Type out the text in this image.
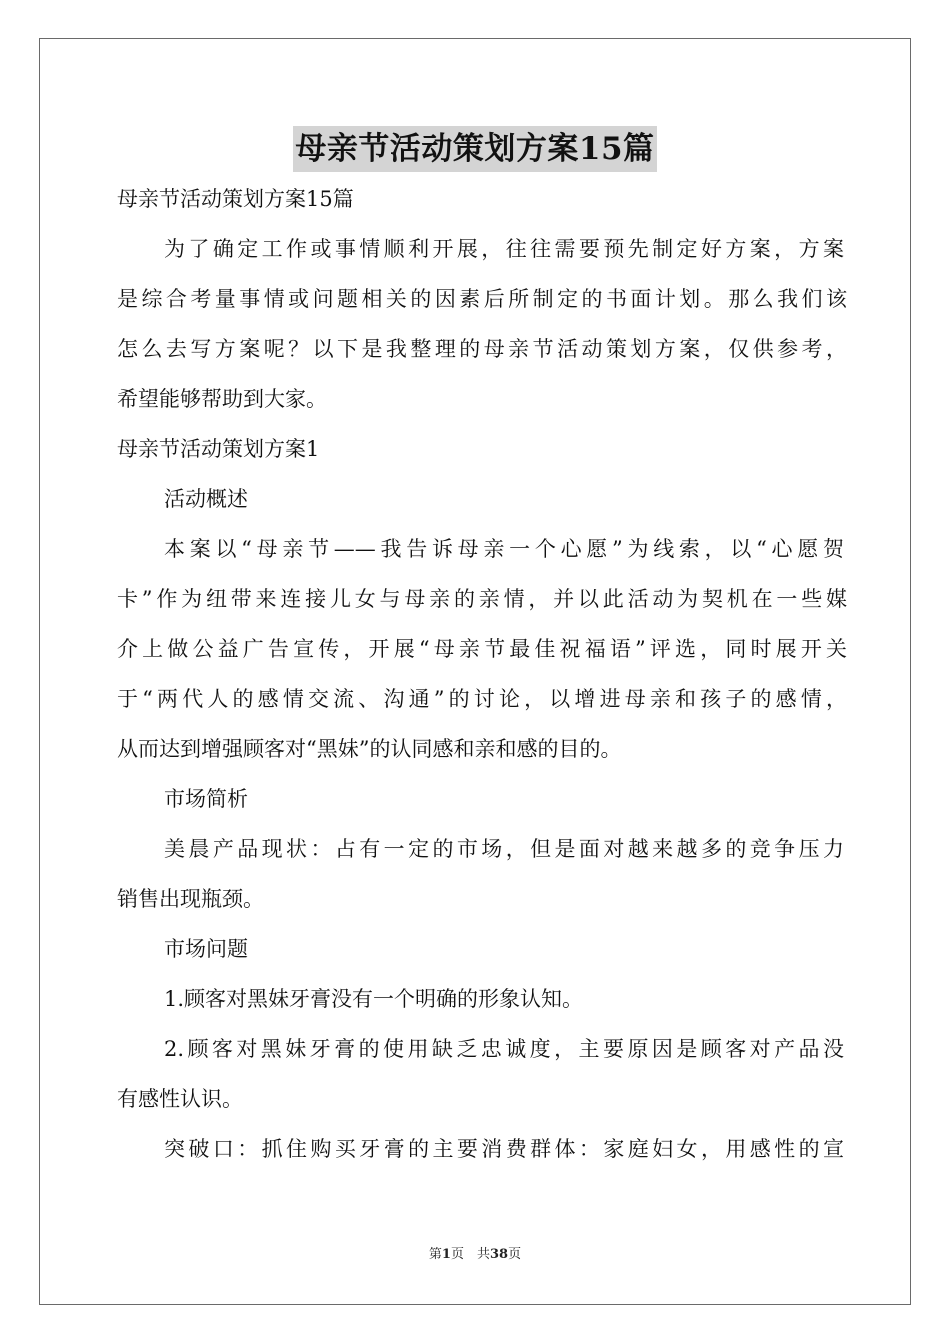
母亲节活动策划方案15篇
母亲节活动策划方案15篇
为了确定工作或事情顺利开展，往往需要预先制定好方案，方案
是综合考量事情或问题相关的因素后所制定的书面计划。那么我们该
怎么去写方案呢？以下是我整理的母亲节活动策划方案，仅供参考，
希望能够帮助到大家。
母亲节活动策划方案1
活动概述
本案以“母亲节——我告诉母亲一个心愿”为线索，以“心愿贺
卡”作为纽带来连接儿女与母亲的亲情，并以此活动为契机在一些媒
介上做公益广告宣传，开展“母亲节最佳祝福语”评选，同时展开关
于“两代人的感情交流、沟通”的讨论，以增进母亲和孩子的感情，
从而达到增强顾客对“黑妹”的认同感和亲和感的目的。
市场简析
美晨产品现状：占有一定的市场，但是面对越来越多的竞争压力
销售出现瓶颈。
市场问题
1.顾客对黑妹牙膏没有一个明确的形象认知。
2.顾客对黑妹牙膏的使用缺乏忠诚度，主要原因是顾客对产品没
有感性认识。
突破口：抓住购买牙膏的主要消费群体：家庭妇女，用感性的宣
第1页　共38页
